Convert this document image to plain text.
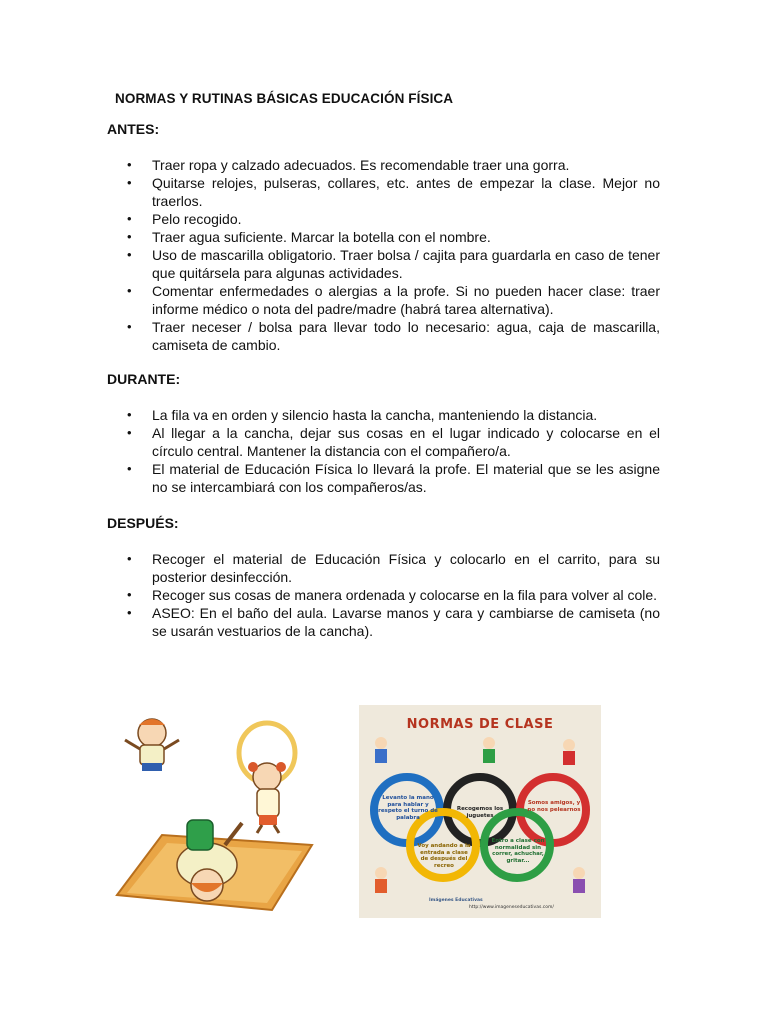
NORMAS Y RUTINAS BÁSICAS EDUCACIÓN FÍSICA
ANTES:
• Traer ropa y calzado adecuados. Es recomendable traer una gorra.
• Quitarse relojes, pulseras, collares, etc. antes de empezar la clase. Mejor no traerlos.
• Pelo recogido.
• Traer agua suficiente. Marcar la botella con el nombre.
• Uso de mascarilla obligatorio. Traer bolsa / cajita para guardarla en caso de tener que quitársela para algunas actividades.
• Comentar enfermedades o alergias a la profe. Si no pueden hacer clase: traer informe médico o nota del padre/madre (habrá tarea alternativa).
• Traer neceser / bolsa para llevar todo lo necesario: agua, caja de mascarilla, camiseta de cambio.
DURANTE:
• La fila va en orden y silencio hasta la cancha, manteniendo la distancia.
• Al llegar a la cancha, dejar sus cosas en el lugar indicado y colocarse en el círculo central. Mantener la distancia con el compañero/a.
• El material de Educación Física lo llevará la profe. El material que se les asigne no se intercambiará con los compañeros/as.
DESPUÉS:
• Recoger el material de Educación Física y colocarlo en el carrito, para su posterior desinfección.
• Recoger sus cosas de manera ordenada y colocarse en la fila para volver al cole.
• ASEO: En el baño del aula. Lavarse manos y cara y cambiarse de camiseta (no se usarán vestuarios de la cancha).
NORMAS DE CLASE
Levanto la mano para hablar y respeto el turno de palabra
Recogemos los juguetes
Somos amigos, y no nos pelearnos
Voy andando a la entrada a clase de después del recreo
Entro a clase con normalidad sin correr, achuchar, gritar...
Imágenes Educativas
http://www.imageneseducativas.com/
